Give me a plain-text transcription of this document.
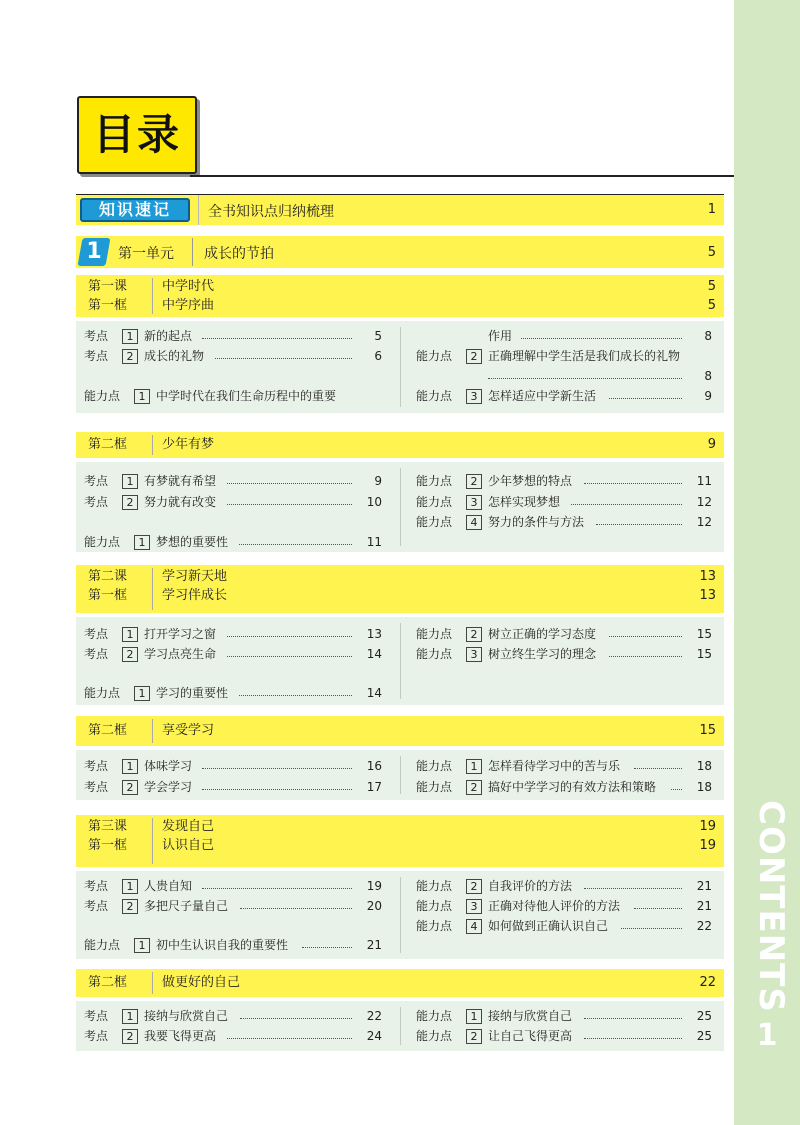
CONTENTS
1
目录
知识速记	全书知识点归纳梳理	1
1	第一单元 成长的节拍	5
第一课	中学时代	5
第一框	中学序曲	5
考点	1 新的起点	5
考点	2 成长的礼物	6
能力点	1 中学时代在我们生命历程中的重要
作用	8
能力点	2 正确理解中学生活是我们成长的礼物
8
能力点	3 怎样适应中学新生活	9
第二框	少年有梦	9
考点	1 有梦就有希望	9
考点	2 努力就有改变	10
能力点	1 梦想的重要性	11
能力点	2 少年梦想的特点	11
能力点	3 怎样实现梦想	12
能力点	4 努力的条件与方法	12
第二课	学习新天地	13
第一框	学习伴成长	13
考点	1 打开学习之窗	13
考点	2 学习点亮生命	14
能力点	1 学习的重要性	14
能力点	2 树立正确的学习态度	15
能力点	3 树立终生学习的理念	15
第二框	享受学习	15
考点	1 体味学习	16
考点	2 学会学习	17
能力点	1 怎样看待学习中的苦与乐	18
能力点	2 搞好中学学习的有效方法和策略	18
第三课	发现自己	19
第一框	认识自己	19
考点	1 人贵自知	19
考点	2 多把尺子量自己	20
能力点	1 初中生认识自我的重要性	21
能力点	2 自我评价的方法	21
能力点	3 正确对待他人评价的方法	21
能力点	4 如何做到正确认识自己	22
第二框	做更好的自己	22
考点	1 接纳与欣赏自己	22
考点	2 我要飞得更高	24
能力点	1 接纳与欣赏自己	25
能力点	2 让自己飞得更高	25
